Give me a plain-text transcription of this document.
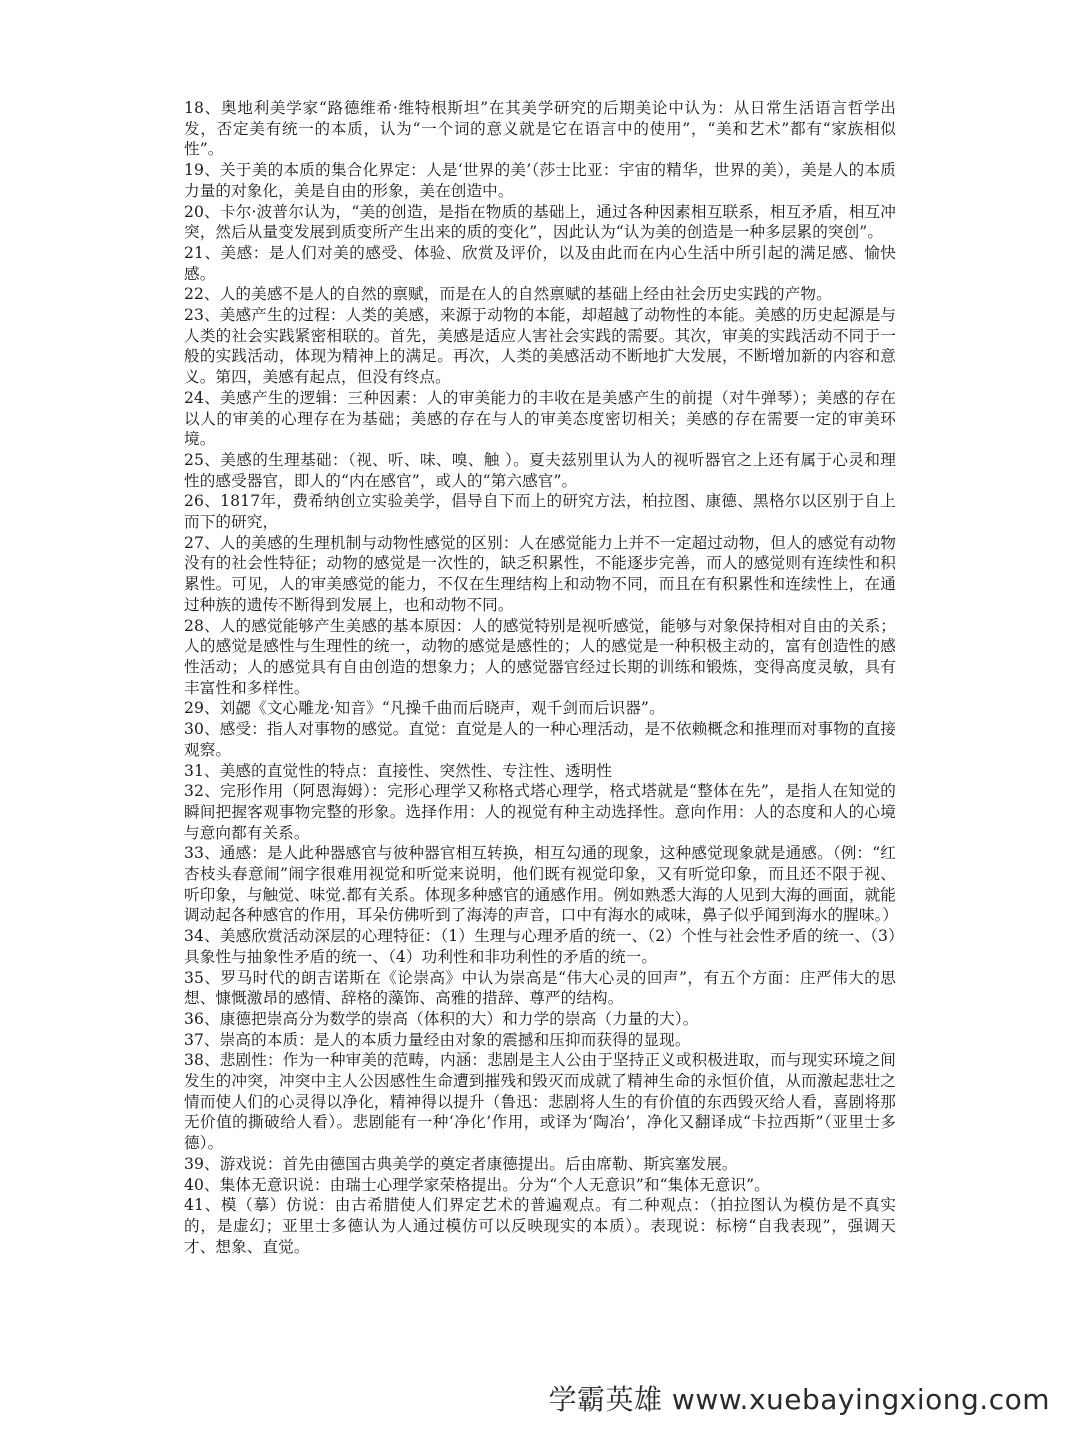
18、奥地利美学家“路德维希·维特根斯坦”在其美学研究的后期美论中认为：从日常生活语言哲学出发，否定美有统一的本质，认为“一个词的意义就是它在语言中的使用”，“美和艺术”都有“家族相似性”。

19、关于美的本质的集合化界定：人是‘世界的美’（莎士比亚：宇宙的精华，世界的美），美是人的本质力量的对象化，美是自由的形象，美在创造中。

20、卡尔·波普尔认为，“美的创造，是指在物质的基础上，通过各种因素相互联系，相互矛盾，相互冲突，然后从量变发展到质变所产生出来的质的变化”，因此认为“认为美的创造是一种多层累的突创”。

21、美感：是人们对美的感受、体验、欣赏及评价，以及由此而在内心生活中所引起的满足感、愉快感。

22、人的美感不是人的自然的禀赋，而是在人的自然禀赋的基础上经由社会历史实践的产物。

23、美感产生的过程：人类的美感，来源于动物的本能，却超越了动物性的本能。美感的历史起源是与人类的社会实践紧密相联的。首先，美感是适应人害社会实践的需要。其次，审美的实践活动不同于一般的实践活动，体现为精神上的满足。再次，人类的美感活动不断地扩大发展，不断增加新的内容和意义。第四，美感有起点，但没有终点。

24、美感产生的逻辑：三种因素：人的审美能力的丰收在是美感产生的前提（对牛弹琴）；美感的存在以人的审美的心理存在为基础；美感的存在与人的审美态度密切相关；美感的存在需要一定的审美环境。

25、美感的生理基础：（视、听、味、嗅、触 ）。夏夫兹别里认为人的视听器官之上还有属于心灵和理性的感受器官，即人的“内在感官”，或人的“第六感官”。

26、1817年，费希纳创立实验美学，倡导自下而上的研究方法，柏拉图、康德、黑格尔以区别于自上而下的研究，

27、人的美感的生理机制与动物性感觉的区别：人在感觉能力上并不一定超过动物，但人的感觉有动物没有的社会性特征；动物的感觉是一次性的，缺乏积累性，不能逐步完善，而人的感觉则有连续性和积累性。可见，人的审美感觉的能力，不仅在生理结构上和动物不同，而且在有积累性和连续性上，在通过种族的遗传不断得到发展上，也和动物不同。

28、人的感觉能够产生美感的基本原因：人的感觉特别是视听感觉，能够与对象保持相对自由的关系；人的感觉是感性与生理性的统一，动物的感觉是感性的；人的感觉是一种积极主动的，富有创造性的感性活动；人的感觉具有自由创造的想象力；人的感觉器官经过长期的训练和锻炼，变得高度灵敏，具有丰富性和多样性。

29、刘勰《文心雕龙·知音》“凡操千曲而后晓声，观千剑而后识器”。

30、感受：指人对事物的感觉。直觉：直觉是人的一种心理活动，是不依赖概念和推理而对事物的直接观察。

31、美感的直觉性的特点：直接性、突然性、专注性、透明性

32、完形作用（阿恩海姆）：完形心理学又称格式塔心理学，格式塔就是“整体在先”，是指人在知觉的瞬间把握客观事物完整的形象。选择作用：人的视觉有种主动选择性。意向作用：人的态度和人的心境与意向都有关系。

33、通感：是人此种器感官与彼种器官相互转换，相互勾通的现象，这种感觉现象就是通感。（例：“红杏枝头春意闹”闹字很难用视觉和听觉来说明，他们既有视觉印象，又有听觉印象，而且还不限于视、听印象，与触觉、味觉.都有关系。体现多种感官的通感作用。例如熟悉大海的人见到大海的画面，就能调动起各种感官的作用，耳朵仿佛听到了海涛的声音，口中有海水的咸味，鼻子似乎闻到海水的腥味。）

34、美感欣赏活动深层的心理特征：（1）生理与心理矛盾的统一、（2）个性与社会性矛盾的统一、（3）具象性与抽象性矛盾的统一、（4）功利性和非功利性的矛盾的统一。

35、罗马时代的朗吉诺斯在《论崇高》中认为崇高是“伟大心灵的回声”，有五个方面：庄严伟大的思想、慷慨激昂的感情、辞格的藻饰、高雅的措辞、尊严的结构。

36、康德把崇高分为数学的崇高（体积的大）和力学的崇高（力量的大）。

37、崇高的本质：是人的本质力量经由对象的震撼和压抑而获得的显现。

38、悲剧性：作为一种审美的范畴，内涵：悲剧是主人公由于坚持正义或积极进取，而与现实环境之间发生的冲突，冲突中主人公因感性生命遭到摧残和毁灭而成就了精神生命的永恒价值，从而激起悲壮之情而使人们的心灵得以净化，精神得以提升（鲁迅：悲剧将人生的有价值的东西毁灭给人看，喜剧将那无价值的撕破给人看）。悲剧能有一种‘净化’作用，或译为‘陶冶’，净化又翻译成“卡拉西斯”（亚里士多德）。

39、游戏说：首先由德国古典美学的奠定者康德提出。后由席勒、斯宾塞发展。

40、集体无意识说：由瑞士心理学家荣格提出。分为“个人无意识”和“集体无意识”。

41、模（摹）仿说：由古希腊使人们界定艺术的普遍观点。有二种观点：（拍拉图认为模仿是不真实的，是虚幻；亚里士多德认为人通过模仿可以反映现实的本质）。表现说：标榜“自我表现”，强调天才、想象、直觉。

学霸英雄 www.xuebayingxiong.com
